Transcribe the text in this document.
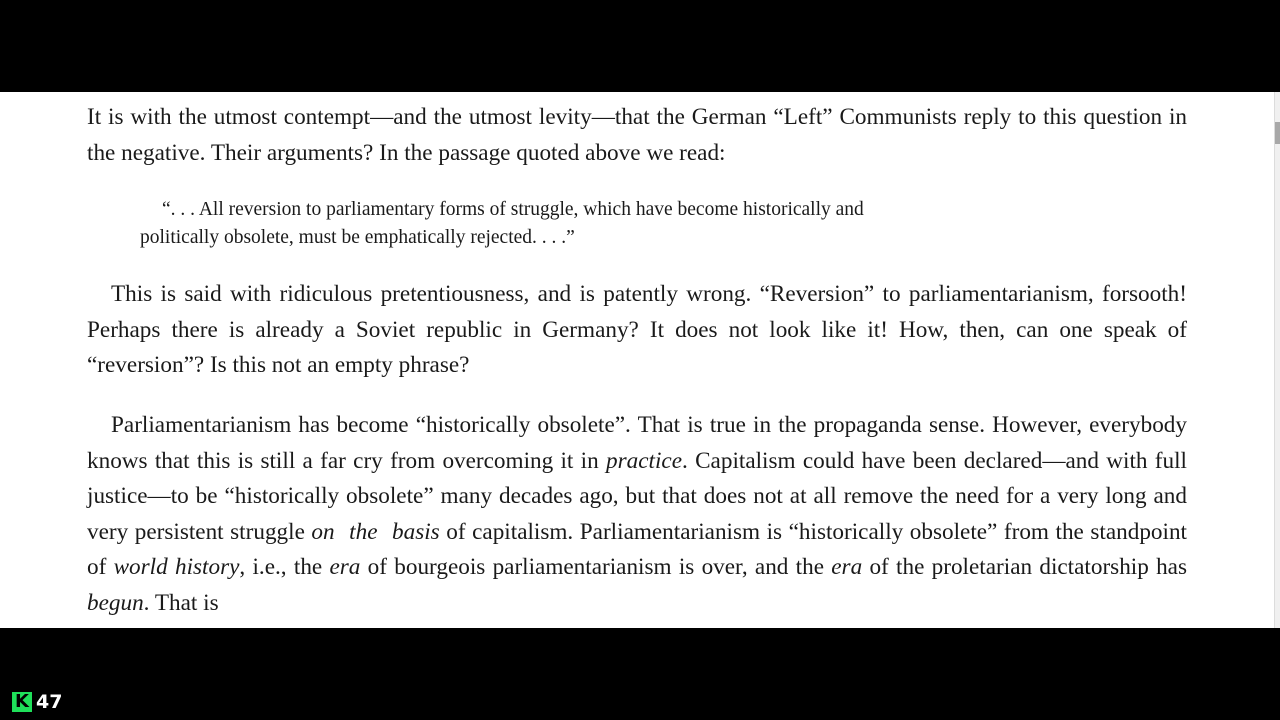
It is with the utmost contempt—and the utmost levity—that the German “Left” Communists reply to this question in the negative. Their arguments? In the passage quoted above we read:

“. . . All reversion to parliamentary forms of struggle, which have become historically and
politically obsolete, must be emphatically rejected. . . .”

This is said with ridiculous pretentiousness, and is patently wrong. “Reversion” to parliamentarianism, forsooth! Perhaps there is already a Soviet republic in Germany? It does not look like it! How, then, can one speak of “reversion”? Is this not an empty phrase?

Parliamentarianism has become “historically obsolete”. That is true in the propaganda sense. However, everybody knows that this is still a far cry from overcoming it in practice. Capitalism could have been declared—and with full justice—to be “historically obsolete” many decades ago, but that does not at all remove the need for a very long and very persistent struggle on the basis of capitalism. Parliamentarianism is “historically obsolete” from the standpoint of world history, i.e., the era of bourgeois parliamentarianism is over, and the era of the proletarian dictatorship has begun. That is

K 47
